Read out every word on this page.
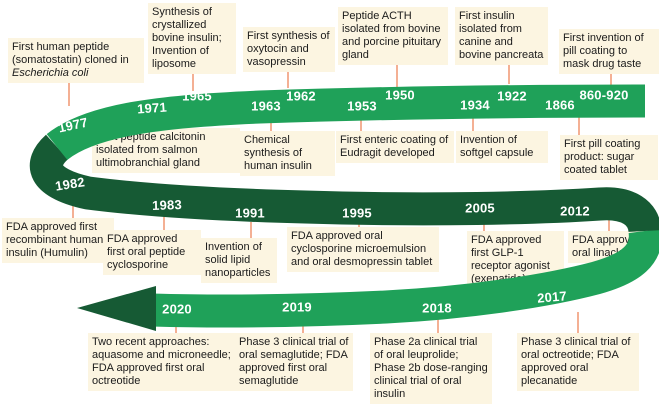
First human peptide (somatostatin) cloned in Escherichia coli
Synthesis of crystallized bovine insulin; Invention of liposome
First synthesis of oxytocin and vasopressin
Peptide ACTH isolated from bovine and porcine pituitary gland
First insulin isolated from canine and bovine pancreata
First invention of pill coating to mask drug taste
First peptide calcitonin isolated from salmon ultimobranchial gland
Chemical synthesis of human insulin
First enteric coating of Eudragit developed
Invention of softgel capsule
First pill coating product: sugar coated tablet
FDA approved first recombinant human insulin (Humulin)
FDA approved first oral peptide cyclosporine
Invention of solid lipid nanoparticles
FDA approved oral cyclosporine microemulsion and oral desmopressin tablet
FDA approved first GLP-1 receptor agonist (exenatide)
FDA approved oral linaclotide
Two recent approaches: aquasome and microneedle; FDA approved first oral octreotide
Phase 3 clinical trial of oral semaglutide; FDA approved first oral semaglutide
Phase 2a clinical trial of oral leuprolide; Phase 2b dose-ranging clinical trial of oral insulin
Phase 3 clinical trial of oral octreotide; FDA approved oral plecanatide
1977
1971
1965
1963
1962
1953
1950
1934
1922
1866
860-920
1982
1983	1991	1995	2005	2012
2020	2019	2018
2017
